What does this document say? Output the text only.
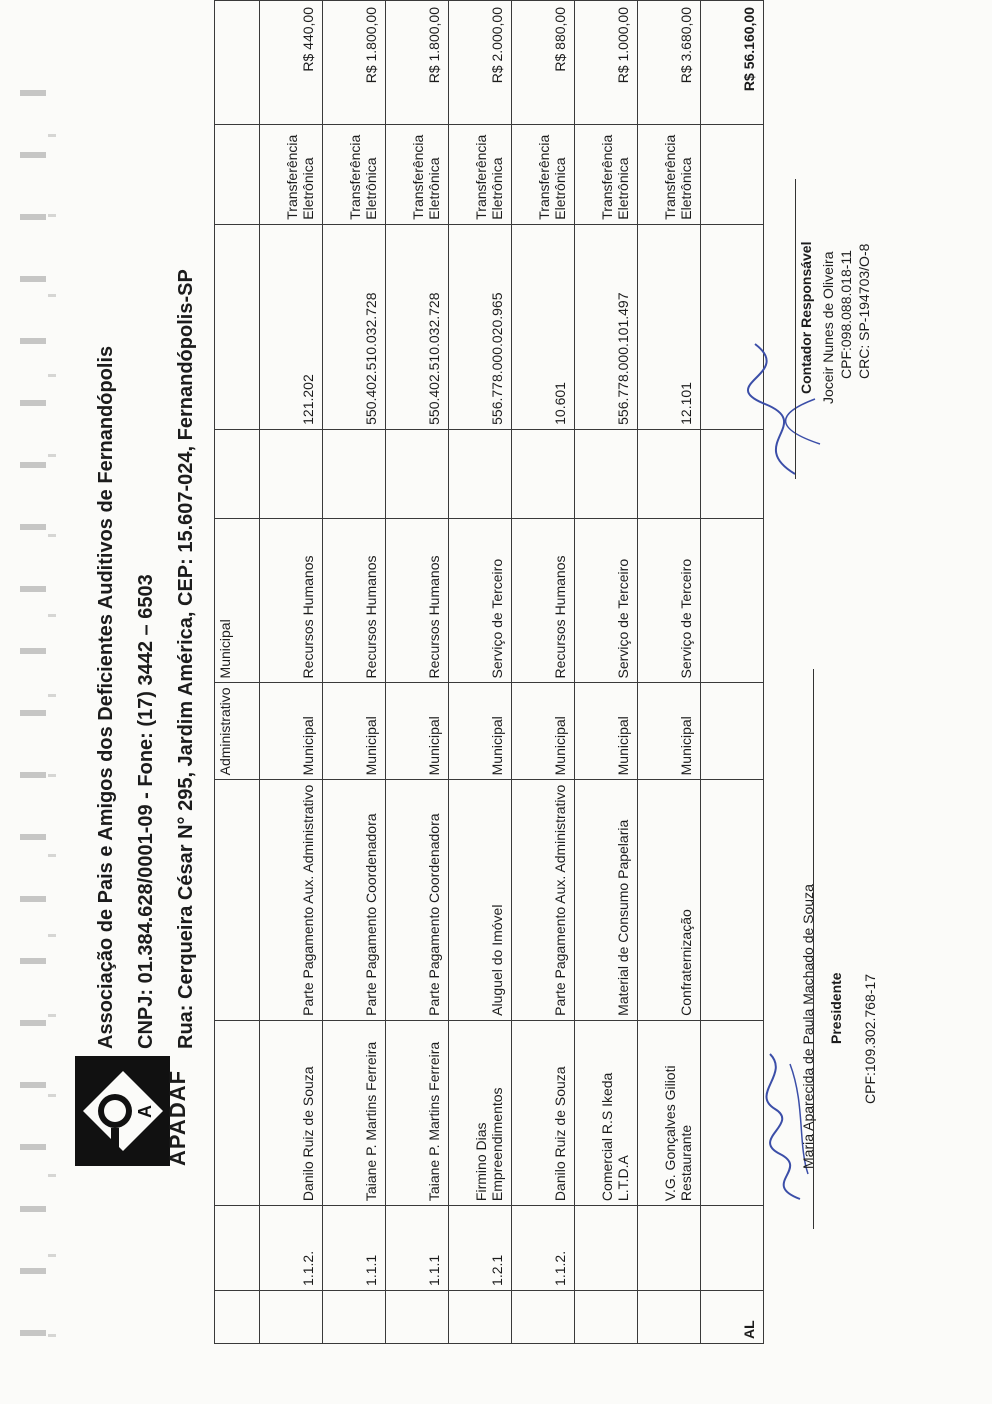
A APADAF
Associação de Pais e Amigos dos Deficientes Auditivos de Fernandópolis CNPJ: 01.384.628/0001-09 - Fone: (17) 3442 – 6503 Rua: Cerqueira César N° 295, Jardim América, CEP: 15.607-024, Fernandópolis-SP
				Administrativo	Municipal				
	1.1.2.	Danilo Ruiz de Souza	Parte Pagamento Aux. Administrativo	Municipal	Recursos Humanos		121.202	Transferência Eletrônica	R$ 440,00
	1.1.1	Taiane P. Martins Ferreira	Parte Pagamento Coordenadora	Municipal	Recursos Humanos		550.402.510.032.728	Transferência Eletrônica	R$ 1.800,00
	1.1.1	Taiane P. Martins Ferreira	Parte Pagamento Coordenadora	Municipal	Recursos Humanos		550.402.510.032.728	Transferência Eletrônica	R$ 1.800,00
	1.2.1	Firmino Dias Empreendimentos	Aluguel do Imóvel	Municipal	Serviço de Terceiro		556.778.000.020.965	Transferência Eletrônica	R$ 2.000,00
	1.1.2.	Danilo Ruiz de Souza	Parte Pagamento Aux. Administrativo	Municipal	Recursos Humanos		10.601	Transferência Eletrônica	R$ 880,00
		Comercial R.S Ikeda L.T.D.A	Material de Consumo Papelaria	Municipal	Serviço de Terceiro		556.778.000.101.497	Transferência Eletrônica	R$ 1.000,00
		V.G. Gonçalves Gilioti Restaurante	Confraternização	Municipal	Serviço de Terceiro		12.101	Transferência Eletrônica	R$ 3.680,00
AL									R$ 56.160,00
Maria Aparecida de Paula Machado de Souza Presidente CPF:109.302.768-17
Contador Responsável Joceir Nunes de Oliveira CPF:098.088.018-11 CRC: SP-194703/O-8
